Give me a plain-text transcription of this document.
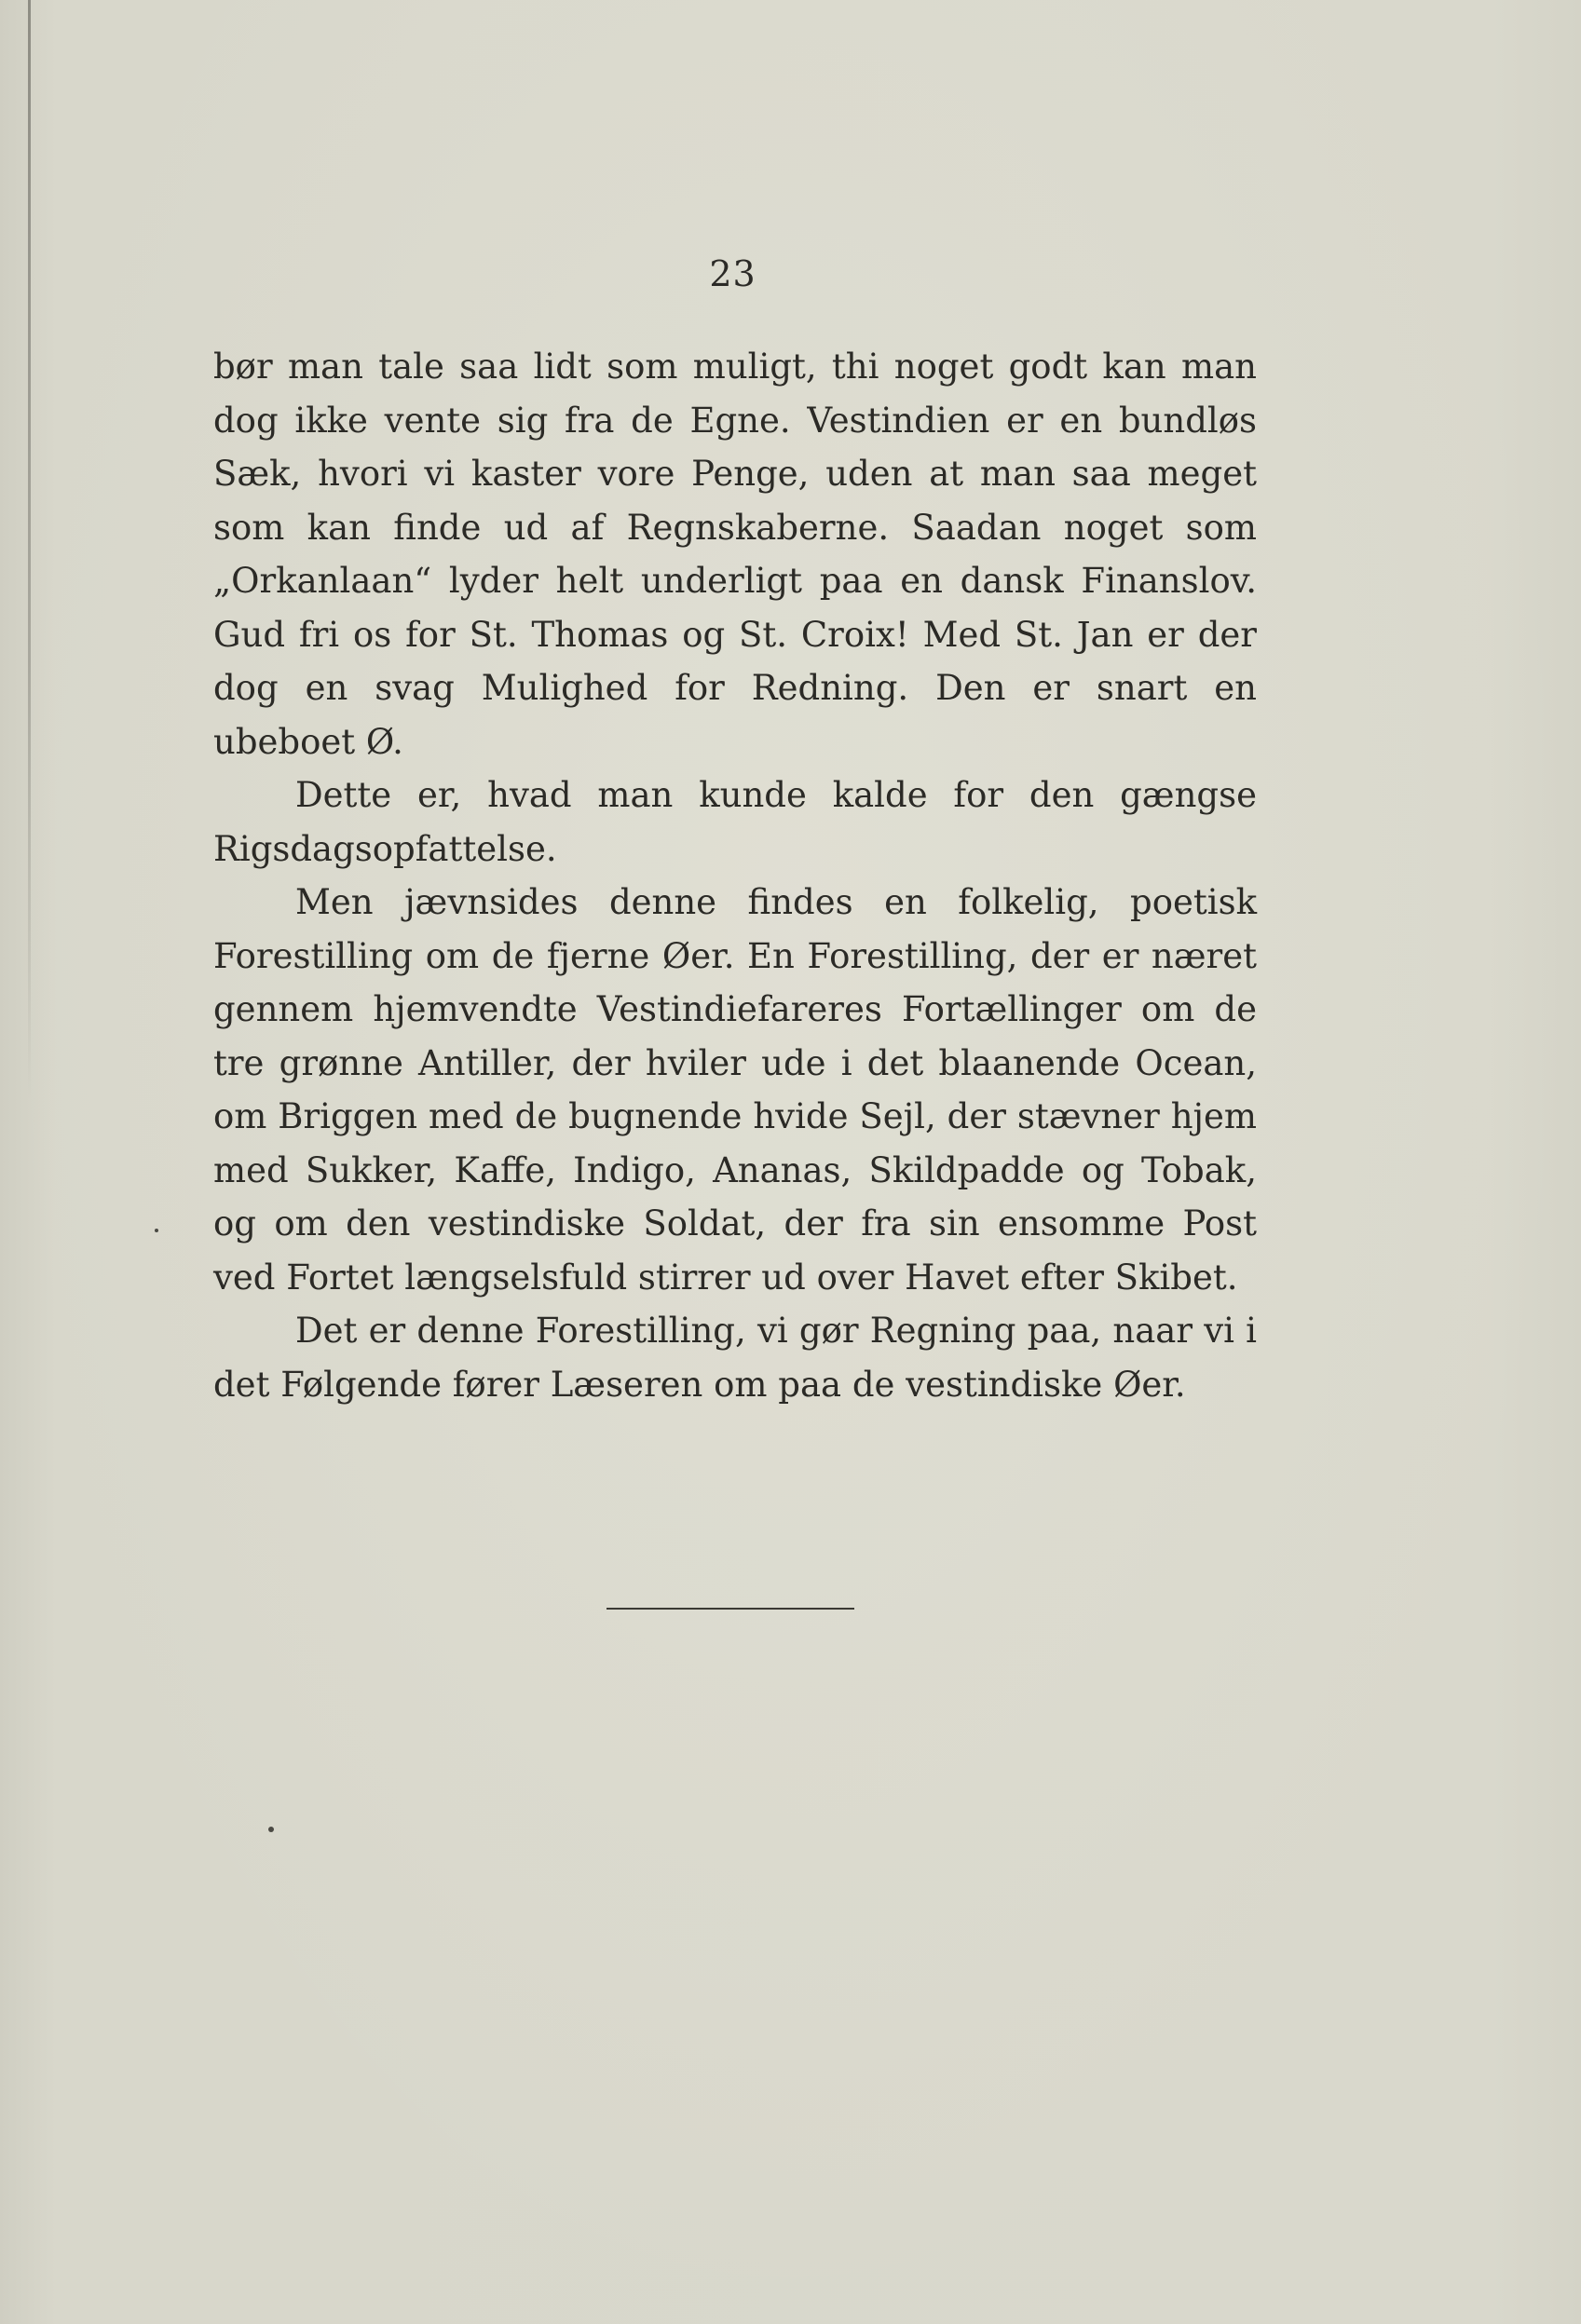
23

bør man tale saa lidt som muligt, thi noget godt kan man dog ikke vente sig fra de Egne. Vestindien er en bundløs Sæk, hvori vi kaster vore Penge, uden at man saa meget som kan finde ud af Regnskaberne. Saadan noget som „Orkanlaan“ lyder helt underligt paa en dansk Finanslov. Gud fri os for St. Thomas og St. Croix! Med St. Jan er der dog en svag Mulighed for Redning. Den er snart en ubeboet Ø.

Dette er, hvad man kunde kalde for den gængse Rigsdagsopfattelse.

Men jævnsides denne findes en folkelig, poetisk Forestilling om de fjerne Øer. En Forestilling, der er næret gennem hjemvendte Vestindiefareres Fortællinger om de tre grønne Antiller, der hviler ude i det blaanende Ocean, om Briggen med de bugnende hvide Sejl, der stævner hjem med Sukker, Kaffe, Indigo, Ananas, Skildpadde og Tobak, og om den vestindiske Soldat, der fra sin ensomme Post ved Fortet længselsfuld stirrer ud over Havet efter Skibet.

Det er denne Forestilling, vi gør Regning paa, naar vi i det Følgende fører Læseren om paa de vestindiske Øer.
